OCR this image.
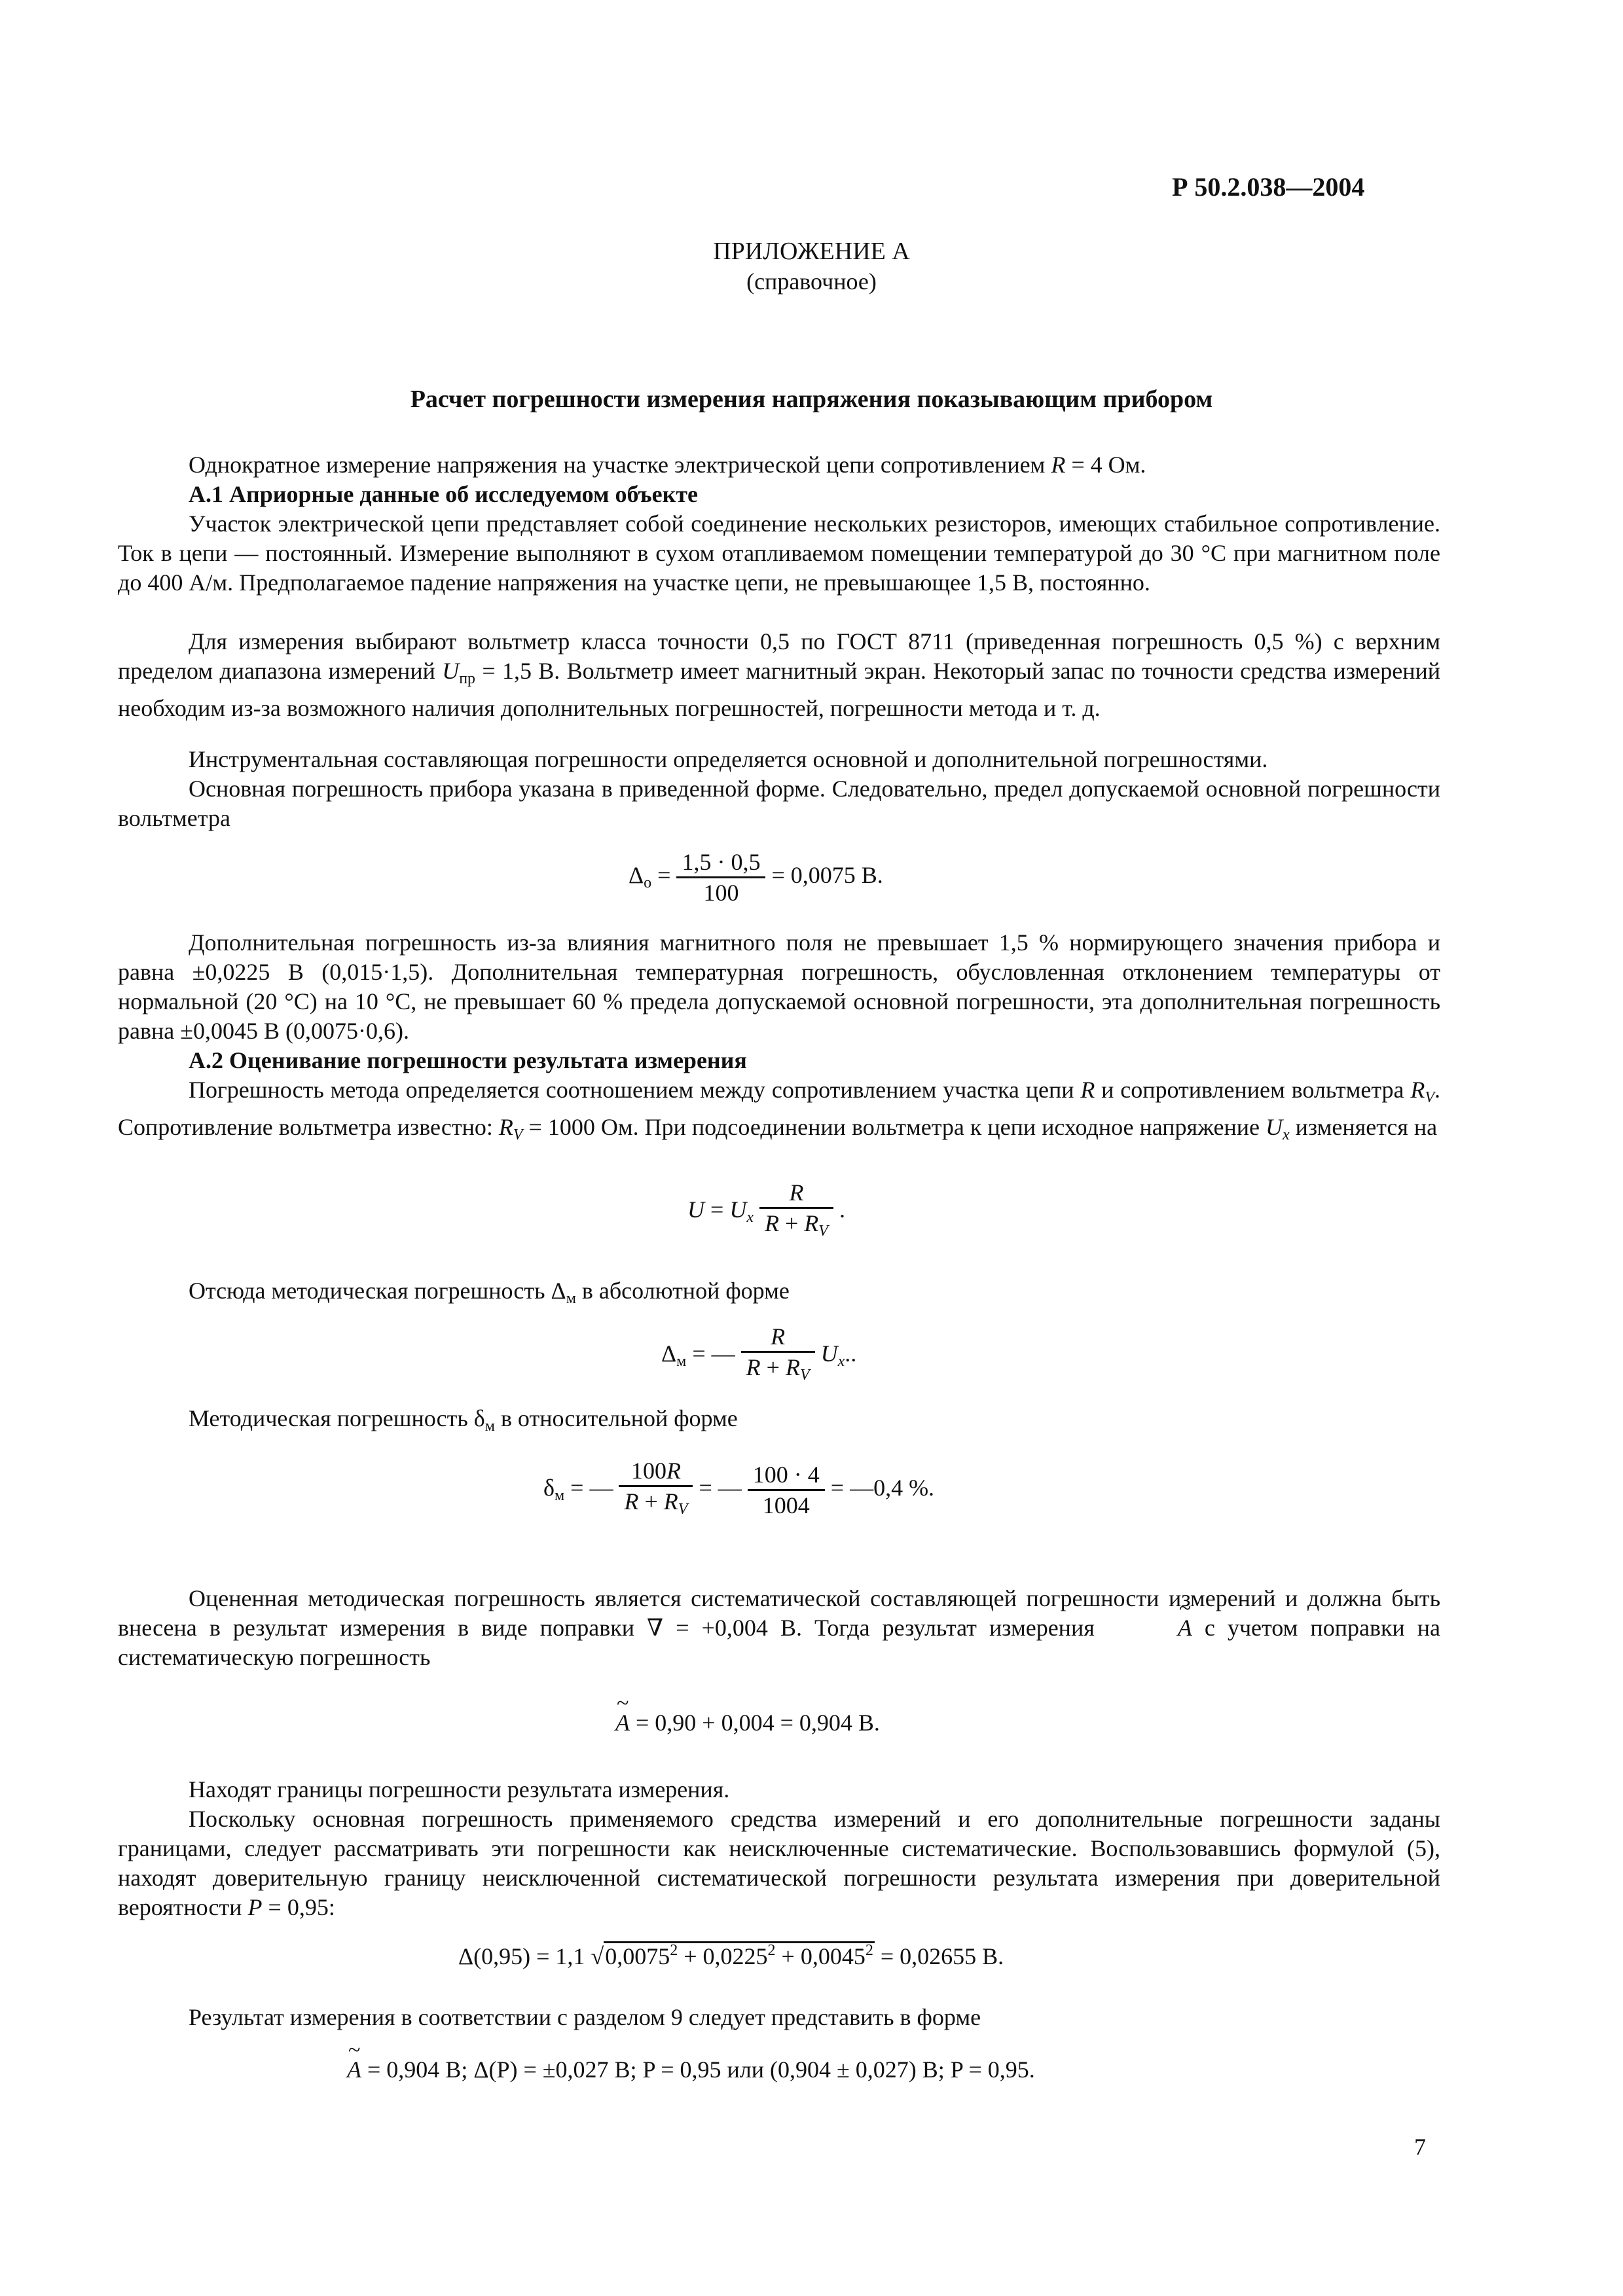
Р 50.2.038—2004
ПРИЛОЖЕНИЕ А
(справочное)
Расчет погрешности измерения напряжения показывающим прибором
Однократное измерение напряжения на участке электрической цепи сопротивлением R = 4 Ом.
А.1 Априорные данные об исследуемом объекте
Участок электрической цепи представляет собой соединение нескольких резисторов, имеющих стабильное сопротивление. Ток в цепи — постоянный. Измерение выполняют в сухом отапливаемом помещении температурой до 30 °С при магнитном поле до 400 А/м. Предполагаемое падение напряжения на участке цепи, не превышающее 1,5 В, постоянно.
Для измерения выбирают вольтметр класса точности 0,5 по ГОСТ 8711 (приведенная погрешность 0,5 %) с верхним пределом диапазона измерений $U_{пр} = 1,5$ В. Вольтметр имеет магнитный экран. Некоторый запас по точности средства измерений необходим из-за возможного наличия дополнительных погрешностей, погрешности метода и т. д.
Инструментальная составляющая погрешности определяется основной и дополнительной погрешностями.
Основная погрешность прибора указана в приведенной форме. Следовательно, предел допускаемой основной погрешности вольтметра
$\Delta_о = \frac{1,5 \cdot 0,5}{100} = 0,0075$ В.
Дополнительная погрешность из-за влияния магнитного поля не превышает 1,5 % нормирующего значения прибора и равна ±0,0225 В (0,015·1,5). Дополнительная температурная погрешность, обусловленная отклонением температуры от нормальной (20 °С) на 10 °С, не превышает 60 % предела допускаемой основной погрешности, эта дополнительная погрешность равна ±0,0045 В (0,0075·0,6).
А.2 Оценивание погрешности результата измерения
Погрешность метода определяется соотношением между сопротивлением участка цепи R и сопротивлением вольтметра $R_V$. Сопротивление вольтметра известно: $R_V = 1000$ Ом. При подсоединении вольтметра к цепи исходное напряжение $U_x$ изменяется на
$U = U_x \frac{R}{R + R_V}$ .
Отсюда методическая погрешность $\Delta_м$ в абсолютной форме
$\Delta_м$ = — $\frac{R}{R + R_V} U_x$..
Методическая погрешность $\delta_м$ в относительной форме
$\delta_м$ = — $\frac{100R}{R + R_V}$ = — $\frac{100 \cdot 4}{1004}$ = —0,4 %.
Оцененная методическая погрешность является систематической составляющей погрешности измерений и должна быть внесена в результат измерения в виде поправки ∇ = +0,004 В. Тогда результат измерения ~	A с учетом поправки на систематическую погрешность
~ A = 0,90 + 0,004 = 0,904 В.
Находят границы погрешности результата измерения.
Поскольку основная погрешность применяемого средства измерений и его дополнительные погрешности заданы границами, следует рассматривать эти погрешности как неисключенные систематические. Воспользовавшись формулой (5), находят доверительную границу неисключенной систематической погрешности результата измерения при доверительной вероятности P = 0,95:
Δ(0,95) = 1,1 $√0,0075^2 + 0,0225^2 + 0,0045^2 = 0,02655$ В.
Результат измерения в соответствии с разделом 9 следует представить в форме
~ A = 0,904 В; Δ(P) = ±0,027 В; P = 0,95 или (0,904 ± 0,027) В; P = 0,95.
7
